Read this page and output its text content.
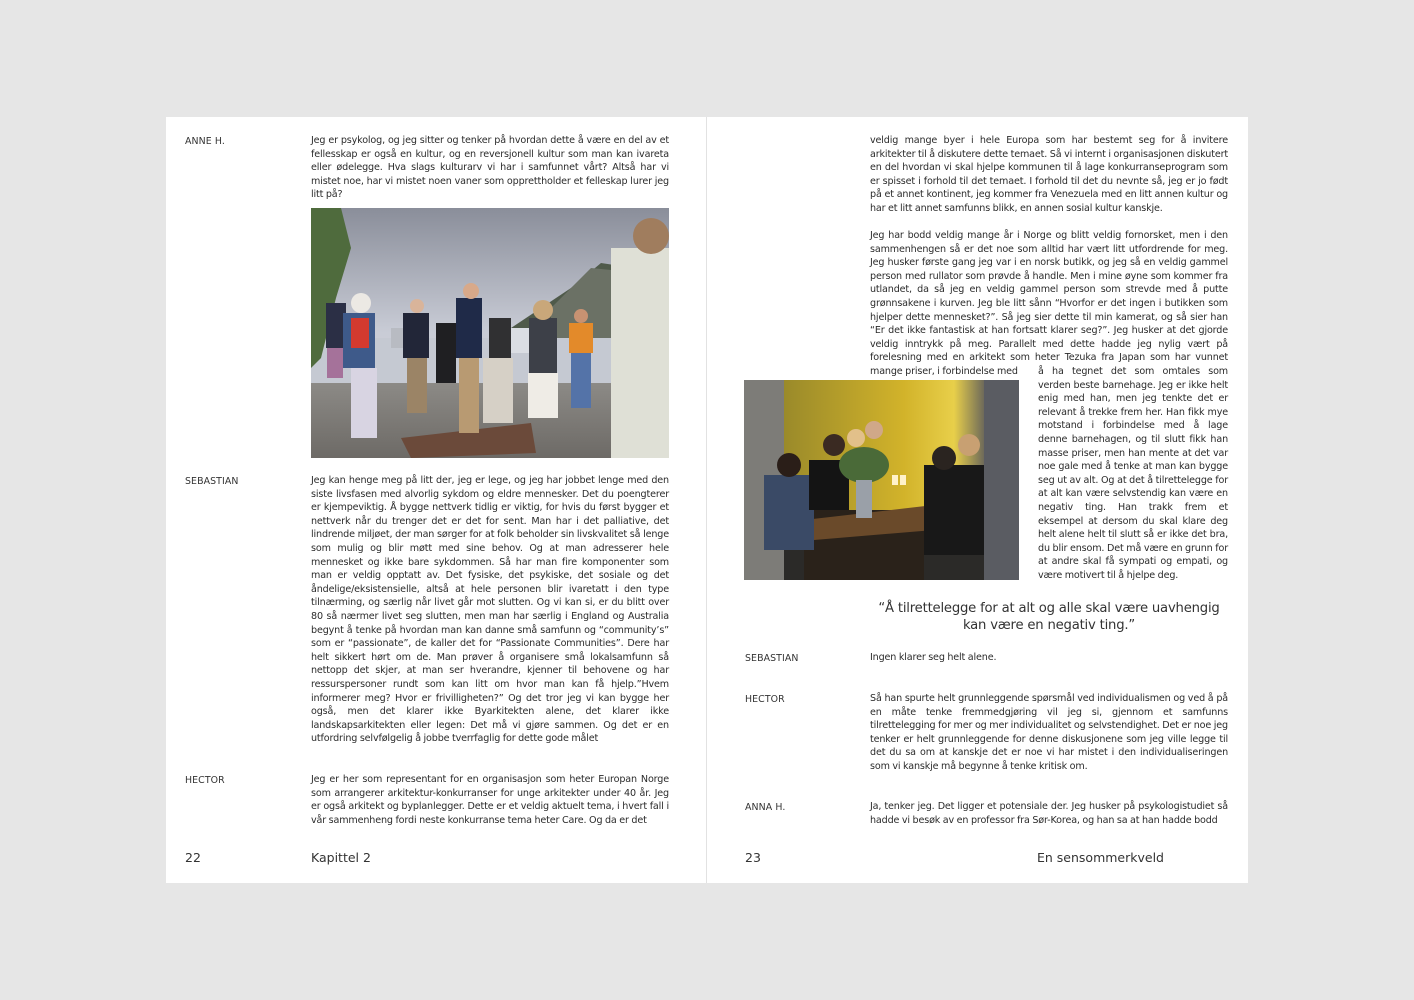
ANNE H.	Jeg er psykolog, og jeg sitter og tenker på hvordan dette å være en del av et fellesskap er også en kultur, og en reversjonell kultur som man kan ivareta eller ødelegge. Hva slags kulturarv vi har i samfunnet vårt? Altså har vi mistet noe, har vi mistet noen vaner som opprettholder et felleskap lurer jeg litt på?
SEBASTIAN	Jeg kan henge meg på litt der, jeg er lege, og jeg har jobbet lenge med den siste livsfasen med alvorlig sykdom og eldre mennesker. Det du poengterer er kjempeviktig. Å bygge nettverk tidlig er viktig, for hvis du først bygger et nettverk når du trenger det er det for sent. Man har i det palliative, det lindrende miljøet, der man sørger for at folk beholder sin livskvalitet så lenge som mulig og blir møtt med sine behov. Og at man adresserer hele mennesket og ikke bare sykdommen. Så har man fire komponenter som man er veldig opptatt av. Det fysiske, det psykiske, det sosiale og det åndelige/eksistensielle, altså at hele personen blir ivaretatt i den type tilnærming, og særlig når livet går mot slutten. Og vi kan si, er du blitt over 80 så nærmer livet seg slutten, men man har særlig i England og Australia begynt å tenke på hvordan man kan danne små samfunn og “community’s” som er “passionate”, de kaller det for “Passionate Communities”. Dere har helt sikkert hørt om de. Man prøver å organisere små lokalsamfunn så nettopp det skjer, at man ser hverandre, kjenner til behovene og har ressurspersoner rundt som kan litt om hvor man kan få hjelp.”Hvem informerer meg? Hvor er frivilligheten?” Og det tror jeg vi kan bygge her også, men det klarer ikke Byarkitekten alene, det klarer ikke landskapsarkitekten eller legen: Det må vi gjøre sammen. Og det er en utfordring selvfølgelig å jobbe tverrfaglig for dette gode målet
HECTOR	Jeg er her som representant for en organisasjon som heter Europan Norge som arrangerer arkitektur-konkurranser for unge arkitekter under 40 år. Jeg er også arkitekt og byplanlegger. Dette er et veldig aktuelt tema, i hvert fall i vår sammenheng fordi neste konkurranse tema heter Care. Og da er det
22	Kapittel 2
veldig mange byer i hele Europa som har bestemt seg for å invitere arkitekter til å diskutere dette temaet. Så vi internt i organisasjonen diskutert en del hvordan vi skal hjelpe kommunen til å lage konkurranseprogram som er spisset i forhold til det temaet. I forhold til det du nevnte så, jeg er jo født på et annet kontinent, jeg kommer fra Venezuela med en litt annen kultur og har et litt annet samfunns blikk, en annen sosial kultur kanskje.
Jeg har bodd veldig mange år i Norge og blitt veldig fornorsket, men i den sammenhengen så er det noe som alltid har vært litt utfordrende for meg. Jeg husker første gang jeg var i en norsk butikk, og jeg så en veldig gammel person med rullator som prøvde å handle. Men i mine øyne som kommer fra utlandet, da så jeg en veldig gammel person som strevde med å putte grønnsakene i kurven. Jeg ble litt sånn “Hvorfor er det ingen i butikken som hjelper dette mennesket?”. Så jeg sier dette til min kamerat, og så sier han “Er det ikke fantastisk at han fortsatt klarer seg?”. Jeg husker at det gjorde veldig inntrykk på meg. Parallelt med dette hadde jeg nylig vært på forelesning med en arkitekt som heter Tezuka fra Japan som har vunnet mange priser, i forbindelse med	å ha tegnet det som omtales som verden beste barnehage. Jeg er ikke helt enig med han, men jeg tenkte det er relevant å trekke frem her. Han fikk mye motstand i forbindelse med å lage denne barnehagen, og til slutt fikk han masse priser, men han mente at det var noe gale med å tenke at man kan bygge seg ut av alt. Og at det å tilrettelegge for at alt kan være selvstendig kan være en negativ ting. Han trakk frem et eksempel at dersom du skal klare deg helt alene helt til slutt så er ikke det bra, du blir ensom. Det må være en grunn for at andre skal få sympati og empati, og være motivert til å hjelpe deg.
“Å tilrettelegge for at alt og alle skal være uavhengig kan være en negativ ting.”
SEBASTIAN	Ingen klarer seg helt alene.
HECTOR	Så han spurte helt grunnleggende spørsmål ved individualismen og ved å på en måte tenke fremmedgjøring vil jeg si, gjennom et samfunns tilrettelegging for mer og mer individualitet og selvstendighet. Det er noe jeg tenker er helt grunnleggende for denne diskusjonene som jeg ville legge til det du sa om at kanskje det er noe vi har mistet i den individualiseringen som vi kanskje må begynne å tenke kritisk om.
ANNA H.	Ja, tenker jeg. Det ligger et potensiale der. Jeg husker på psykologistudiet så hadde vi besøk av en professor fra Sør-Korea, og han sa at han hadde bodd
23	En sensommerkveld
